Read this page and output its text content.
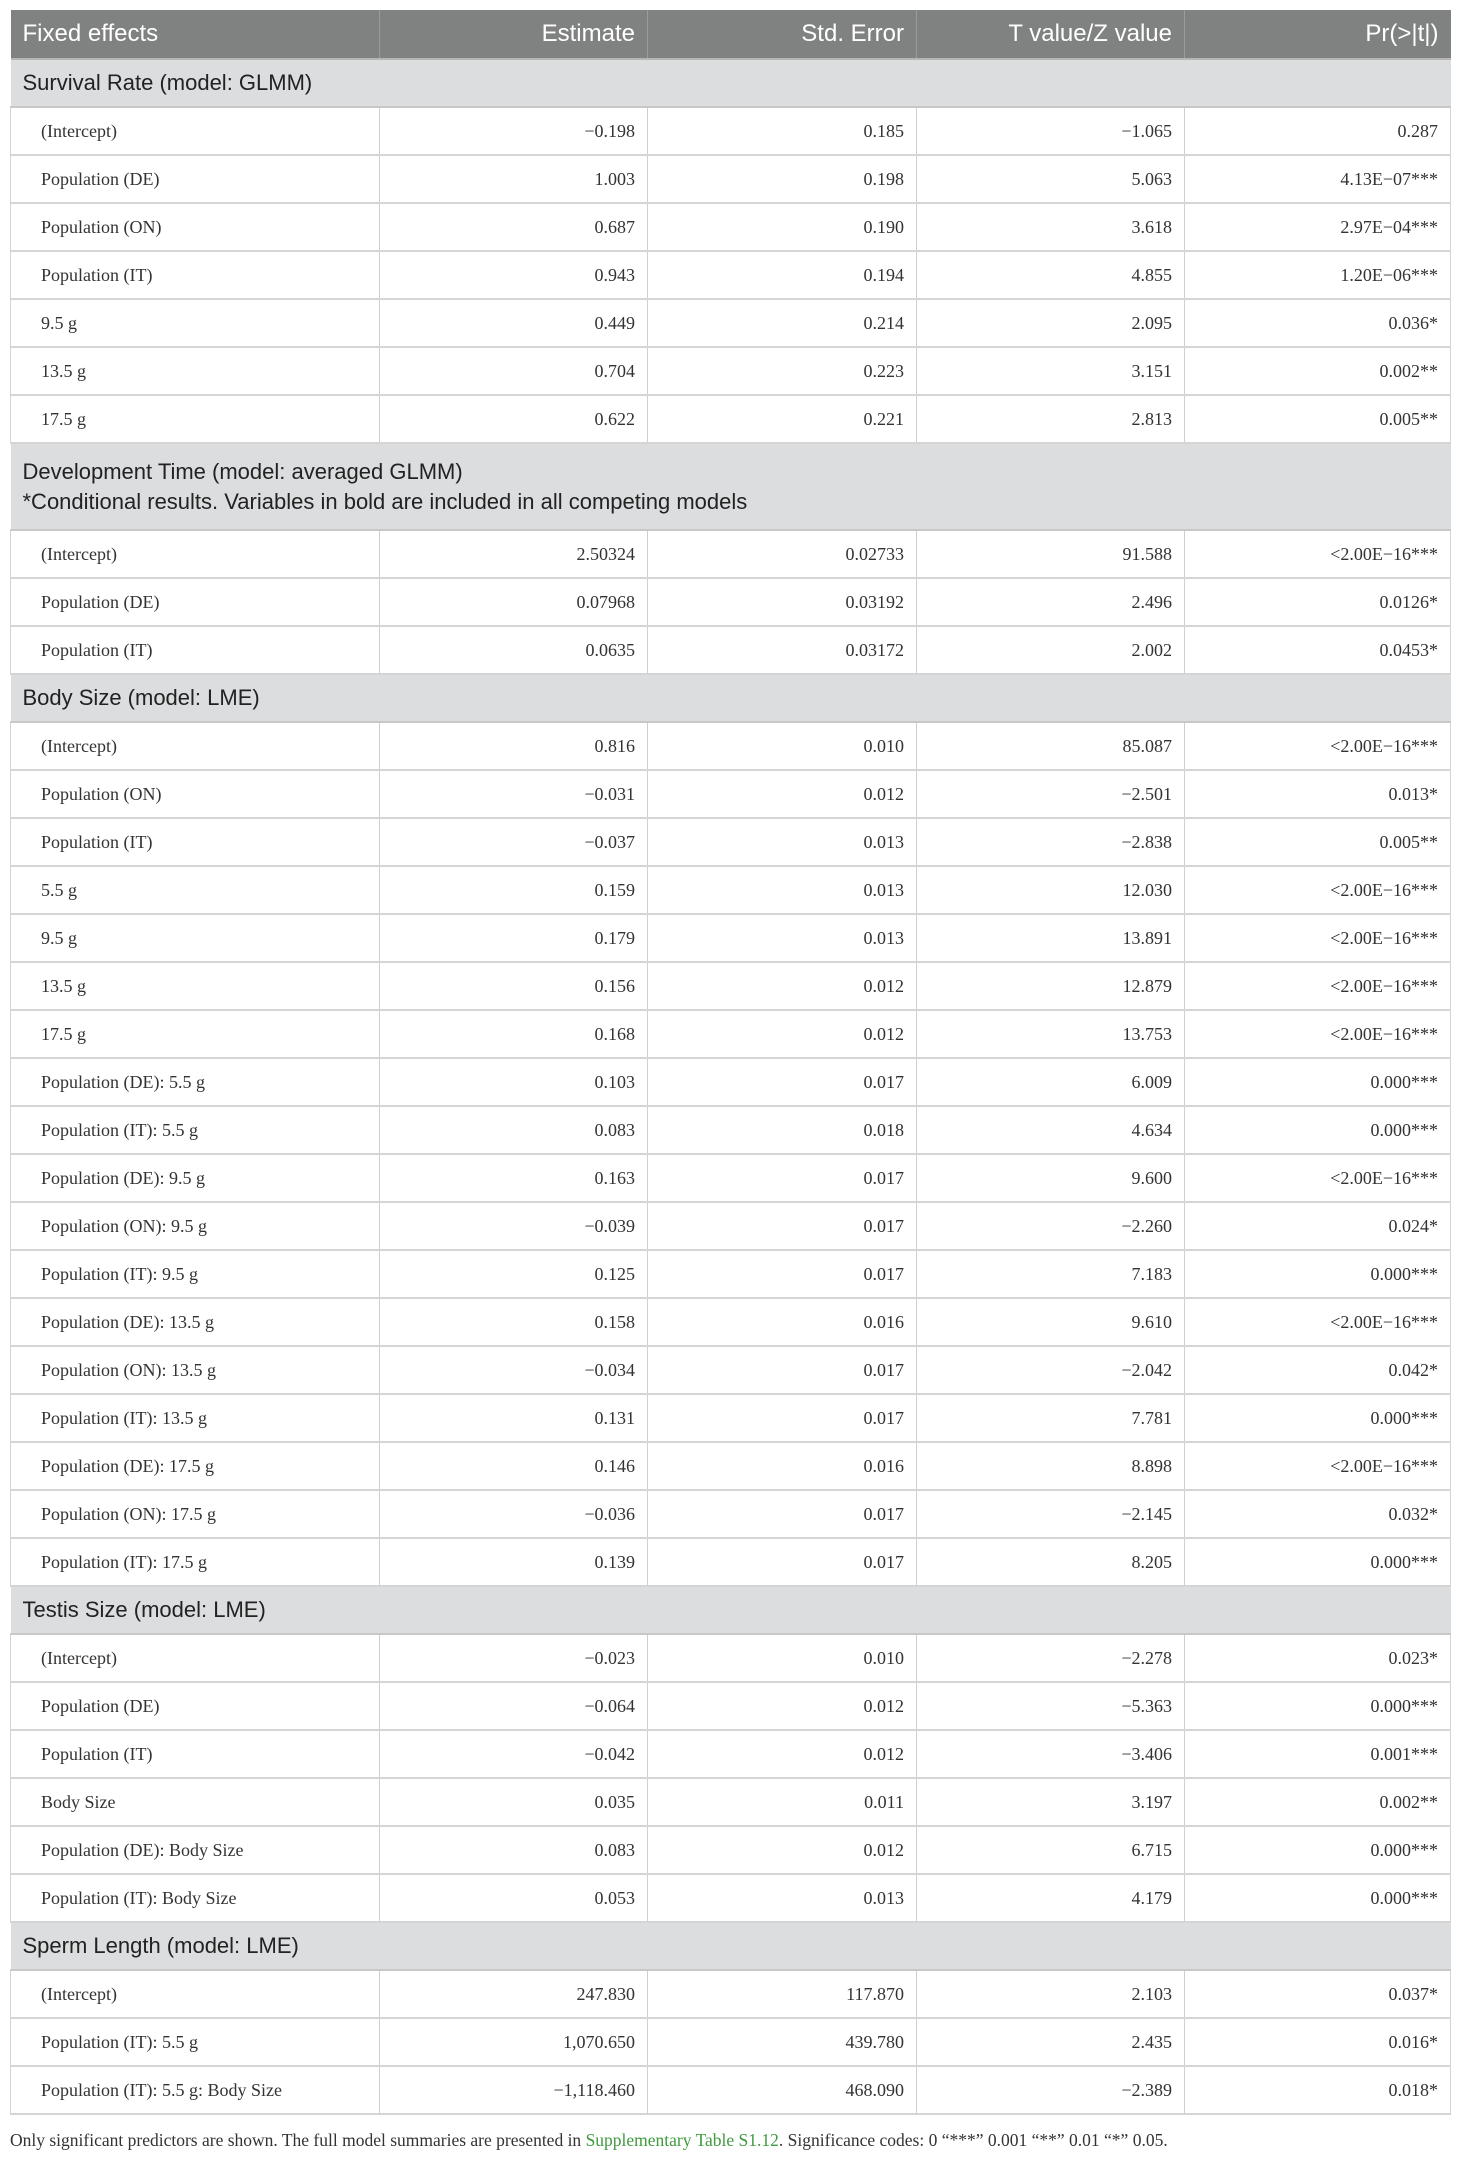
Fixed effects	Estimate	Std. Error	T value/Z value	Pr(>|t|)

Survival Rate (model: GLMM)				

(Intercept)	−0.198	0.185	−1.065	0.287
Population (DE)	1.003	0.198	5.063	4.13E−07***
Population (ON)	0.687	0.190	3.618	2.97E−04***
Population (IT)	0.943	0.194	4.855	1.20E−06***
9.5 g	0.449	0.214	2.095	0.036*
13.5 g	0.704	0.223	3.151	0.002**
17.5 g	0.622	0.221	2.813	0.005**

Development Time (model: averaged GLMM)
*Conditional results. Variables in bold are included in all competing models				

(Intercept)	2.50324	0.02733	91.588	<2.00E−16***
Population (DE)	0.07968	0.03192	2.496	0.0126*
Population (IT)	0.0635	0.03172	2.002	0.0453*

Body Size (model: LME)				

(Intercept)	0.816	0.010	85.087	<2.00E−16***
Population (ON)	−0.031	0.012	−2.501	0.013*
Population (IT)	−0.037	0.013	−2.838	0.005**
5.5 g	0.159	0.013	12.030	<2.00E−16***
9.5 g	0.179	0.013	13.891	<2.00E−16***
13.5 g	0.156	0.012	12.879	<2.00E−16***
17.5 g	0.168	0.012	13.753	<2.00E−16***
Population (DE): 5.5 g	0.103	0.017	6.009	0.000***
Population (IT): 5.5 g	0.083	0.018	4.634	0.000***
Population (DE): 9.5 g	0.163	0.017	9.600	<2.00E−16***
Population (ON): 9.5 g	−0.039	0.017	−2.260	0.024*
Population (IT): 9.5 g	0.125	0.017	7.183	0.000***
Population (DE): 13.5 g	0.158	0.016	9.610	<2.00E−16***
Population (ON): 13.5 g	−0.034	0.017	−2.042	0.042*
Population (IT): 13.5 g	0.131	0.017	7.781	0.000***
Population (DE): 17.5 g	0.146	0.016	8.898	<2.00E−16***
Population (ON): 17.5 g	−0.036	0.017	−2.145	0.032*
Population (IT): 17.5 g	0.139	0.017	8.205	0.000***

Testis Size (model: LME)				

(Intercept)	−0.023	0.010	−2.278	0.023*
Population (DE)	−0.064	0.012	−5.363	0.000***
Population (IT)	−0.042	0.012	−3.406	0.001***
Body Size	0.035	0.011	3.197	0.002**
Population (DE): Body Size	0.083	0.012	6.715	0.000***
Population (IT): Body Size	0.053	0.013	4.179	0.000***

Sperm Length (model: LME)				

(Intercept)	247.830	117.870	2.103	0.037*
Population (IT): 5.5 g	1,070.650	439.780	2.435	0.016*
Population (IT): 5.5 g: Body Size	−1,118.460	468.090	−2.389	0.018*
Only significant predictors are shown. The full model summaries are presented in Supplementary Table S1.12. Significance codes: 0 “***” 0.001 “**” 0.01 “*” 0.05.
